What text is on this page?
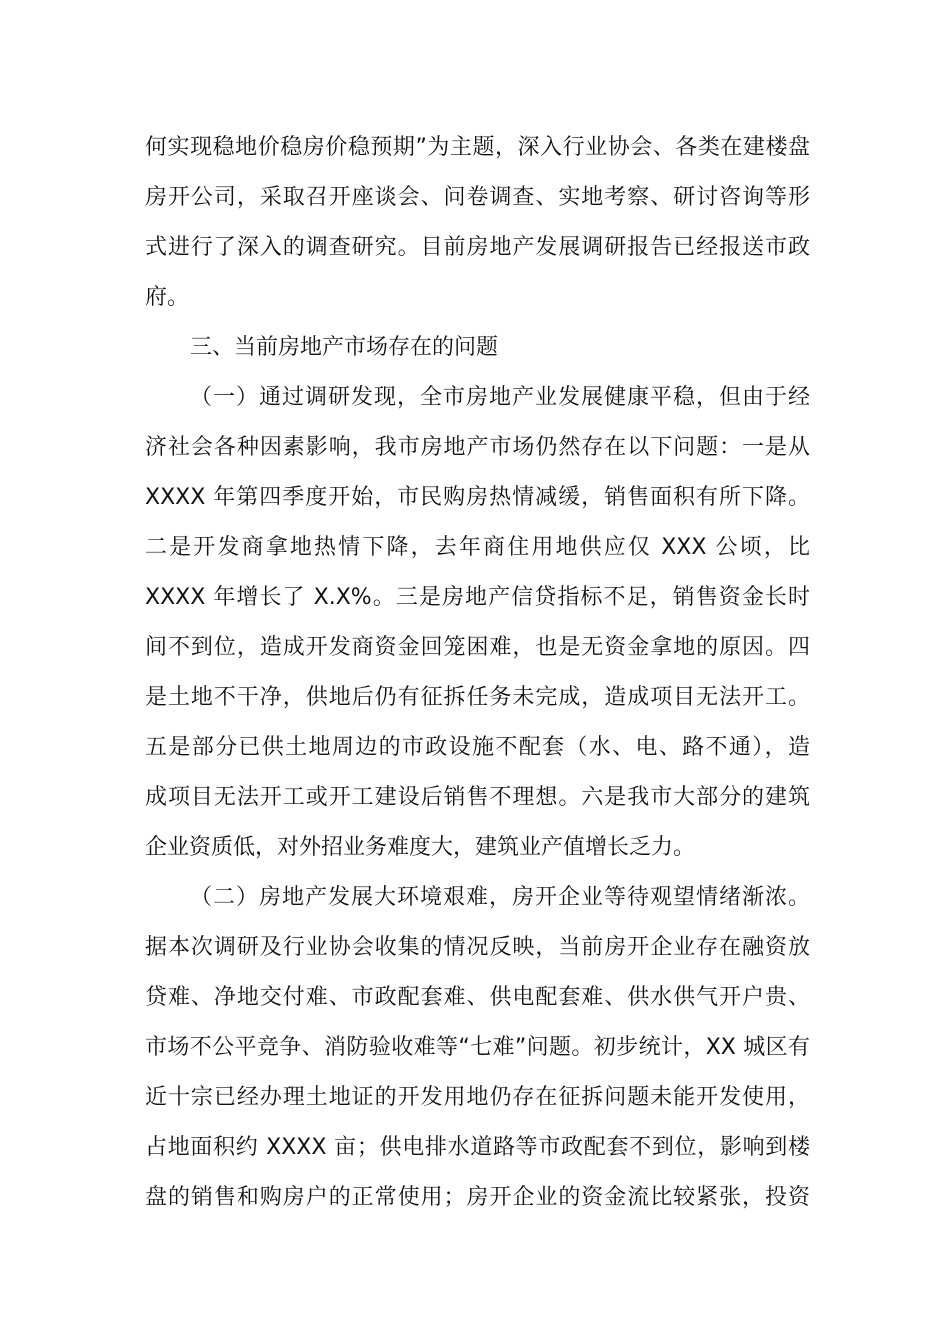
何实现稳地价稳房价稳预期”为主题，深入行业协会、各类在建楼盘
房开公司，采取召开座谈会、问卷调查、实地考察、研讨咨询等形
式进行了深入的调查研究。目前房地产发展调研报告已经报送市政
府。
三、当前房地产市场存在的问题
（一）通过调研发现，全市房地产业发展健康平稳，但由于经
济社会各种因素影响，我市房地产市场仍然存在以下问题：一是从
XXXX 年第四季度开始，市民购房热情减缓，销售面积有所下降。
二是开发商拿地热情下降，去年商住用地供应仅 XXX 公顷，比
XXXX 年增长了 X.X%。三是房地产信贷指标不足，销售资金长时
间不到位，造成开发商资金回笼困难，也是无资金拿地的原因。四
是土地不干净，供地后仍有征拆任务未完成，造成项目无法开工。
五是部分已供土地周边的市政设施不配套（水、电、路不通），造
成项目无法开工或开工建设后销售不理想。六是我市大部分的建筑
企业资质低，对外招业务难度大，建筑业产值增长乏力。
（二）房地产发展大环境艰难，房开企业等待观望情绪渐浓。
据本次调研及行业协会收集的情况反映，当前房开企业存在融资放
贷难、净地交付难、市政配套难、供电配套难、供水供气开户贵、
市场不公平竞争、消防验收难等“七难”问题。初步统计，XX 城区有
近十宗已经办理土地证的开发用地仍存在征拆问题未能开发使用，
占地面积约 XXXX 亩；供电排水道路等市政配套不到位，影响到楼
盘的销售和购房户的正常使用；房开企业的资金流比较紧张，投资
